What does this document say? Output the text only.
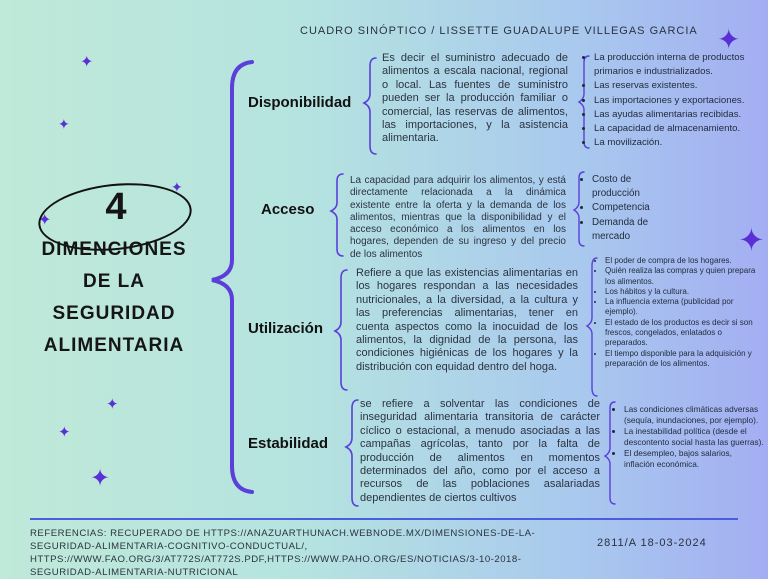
CUADRO SINÓPTICO / LISSETTE GUADALUPE VILLEGAS GARCIA
✦
✦
✦
✦
✦
✦
✦
✦
✦
4
DIMENCIONES
DE LA
SEGURIDAD
ALIMENTARIA
Disponibilidad
Es decir el suministro adecuado de alimentos a escala nacional, regional o local. Las fuentes de suministro pueden ser la producción familiar o comercial, las reservas de alimentos, las importaciones, y la asistencia alimentaria.
• La producción interna de productos primarios e industrializados.
• Las reservas existentes.
• Las importaciones y exportaciones.
• Las ayudas alimentarias recibidas.
• La capacidad de almacenamiento.
• La movilización.
Acceso
La capacidad para adquirir los alimentos, y está directamente relacionada a la dinámica existente entre la oferta y la demanda de los alimentos, mientras que la disponibilidad y el acceso económico a los alimentos en los hogares, dependen de su ingreso y del precio de los alimentos
• Costo de producción
• Competencia
• Demanda de mercado
Utilización
Refiere a que las existencias alimentarias en los hogares respondan a las necesidades nutricionales, a la diversidad, a la cultura y las preferencias alimentarias, tener en cuenta aspectos como la inocuidad de los alimentos, la dignidad de la persona, las condiciones higiénicas de los hogares y la distribución con equidad dentro del hoga.
• El poder de compra de los hogares.
• Quién realiza las compras y quien prepara los alimentos.
• Los hábitos y la cultura.
• La influencia externa (publicidad por ejemplo).
• El estado de los productos es decir si son frescos, congelados, enlatados o preparados.
• El tiempo disponible para la adquisición y preparación de los alimentos.
Estabilidad
se refiere a solventar las condiciones de inseguridad alimentaria transitoria de carácter cíclico o estacional, a menudo asociadas a las campañas agrícolas, tanto por la falta de producción de alimentos en momentos determinados del año, como por el acceso a recursos de las poblaciones asalariadas dependientes de ciertos cultivos
• Las condiciones climáticas adversas (sequía, inundaciones, por ejemplo).
• La inestabilidad política (desde el descontento social hasta las guerras).
• El desempleo, bajos salarios, inflación económica.
REFERENCIAS: RECUPERADO DE HTTPS://ANAZUARTHUNACH.WEBNODE.MX/DIMENSIONES-DE-LA-SEGURIDAD-ALIMENTARIA-COGNITIVO-CONDUCTUAL/, HTTPS://WWW.FAO.ORG/3/AT772S/AT772S.PDF,HTTPS://WWW.PAHO.ORG/ES/NOTICIAS/3-10-2018-SEGURIDAD-ALIMENTARIA-NUTRICIONAL
2811/A 18-03-2024
